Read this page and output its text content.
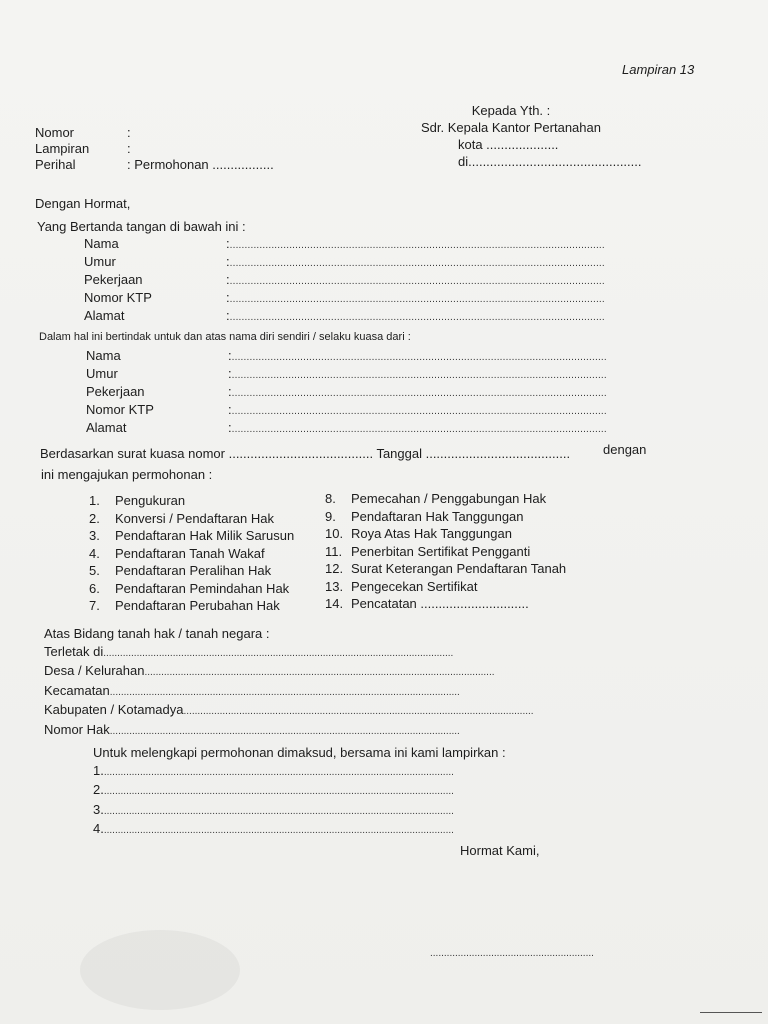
Lampiran 13
Kepada Yth. :
Sdr. Kepala Kantor Pertanahan
kota ....................
di................................................
Nomor	:
Lampiran	:
Perihal	: Permohonan .................
Dengan Hormat,
Yang Bertanda tangan di bawah ini :
Nama	: ..............................................................................................................................
Umur	: ..............................................................................................................................
Pekerjaan	: ..............................................................................................................................
Nomor KTP	: ..............................................................................................................................
Alamat	: ..............................................................................................................................
Dalam hal ini bertindak untuk dan atas nama diri sendiri / selaku kuasa dari :
Nama	: ..............................................................................................................................
Umur	: ..............................................................................................................................
Pekerjaan	: ..............................................................................................................................
Nomor KTP	: ..............................................................................................................................
Alamat	: ..............................................................................................................................
Berdasarkan surat kuasa nomor ........................................ Tanggal ........................................	dengan
ini mengajukan permohonan :
1.	Pengukuran
2.	Konversi / Pendaftaran Hak
3.	Pendaftaran Hak Milik Sarusun
4.	Pendaftaran Tanah Wakaf
5.	Pendaftaran Peralihan Hak
6.	Pendaftaran Pemindahan Hak
7.	Pendaftaran Perubahan Hak
8.	Pemecahan / Penggabungan Hak
9.	Pendaftaran Hak Tanggungan
10. Roya Atas Hak Tanggungan
11. Penerbitan Sertifikat Pengganti
12. Surat Keterangan Pendaftaran Tanah
13. Pengecekan Sertifikat
14. Pencatatan ..............................
Atas Bidang tanah hak / tanah negara :
Terletak di ..............................................................................................................................
Desa / Kelurahan ..............................................................................................................................
Kecamatan ..............................................................................................................................
Kabupaten / Kotamadya ..............................................................................................................................
Nomor Hak ..............................................................................................................................
Untuk melengkapi permohonan dimaksud, bersama ini kami lampirkan :
1. ..............................................................................................................................
2. ..............................................................................................................................
3. ..............................................................................................................................
4. ..............................................................................................................................
Hormat Kami,
...........................................................
